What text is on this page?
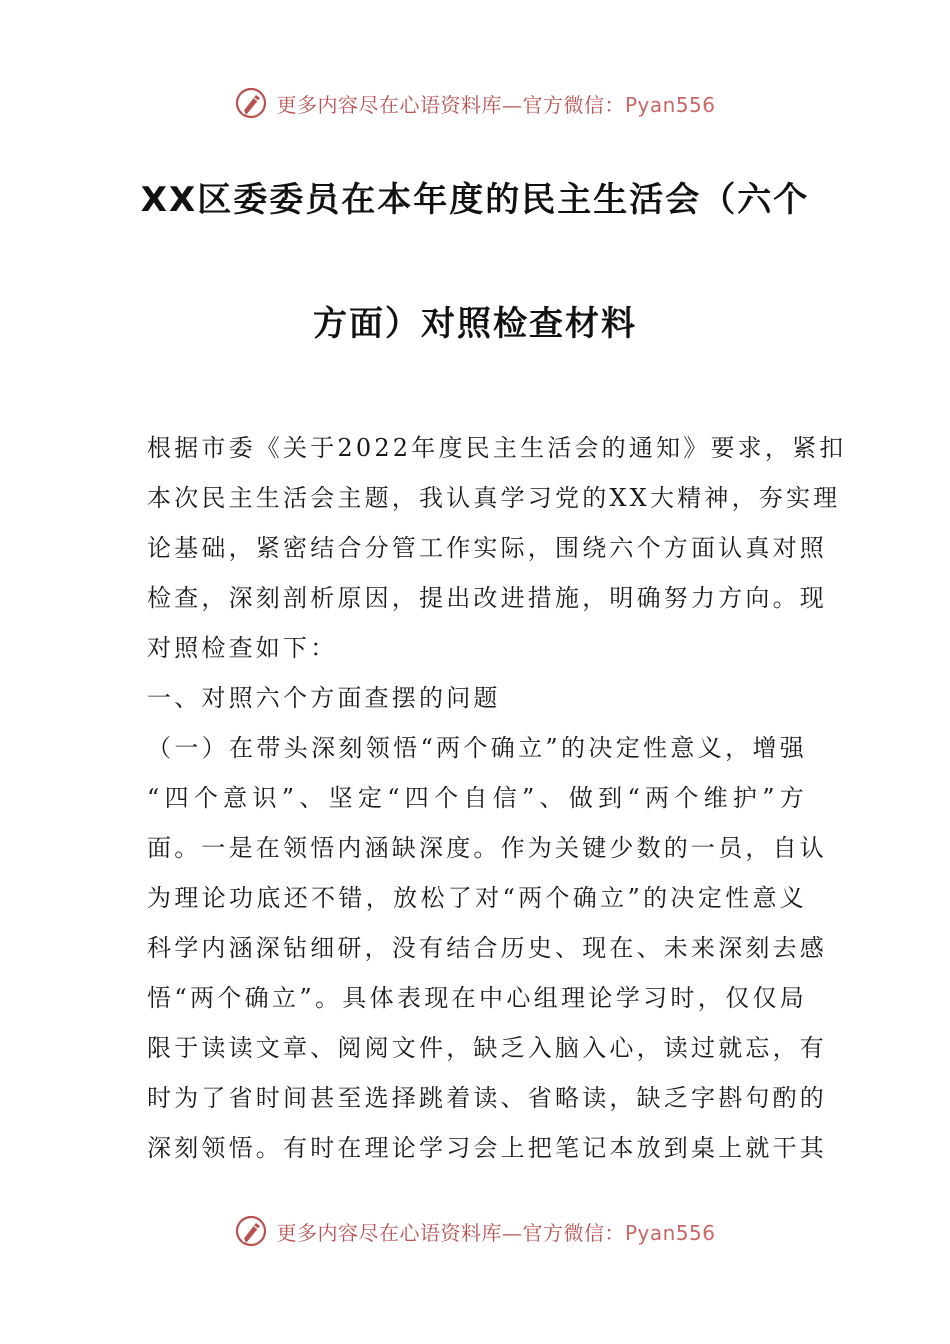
更多内容尽在心语资料库—官方微信：Pyan556
XX区委委员在本年度的民主生活会（六个
方面）对照检查材料
根据市委《关于2022年度民主生活会的通知》要求，紧扣
本次民主生活会主题，我认真学习党的XX大精神，夯实理
论基础，紧密结合分管工作实际，围绕六个方面认真对照
检查，深刻剖析原因，提出改进措施，明确努力方向。现
对照检查如下：
一、对照六个方面查摆的问题
（一）在带头深刻领悟“两个确立”的决定性意义，增强
“四个意识”、坚定“四个自信”、做到“两个维护”方
面。一是在领悟内涵缺深度。作为关键少数的一员，自认
为理论功底还不错，放松了对“两个确立”的决定性意义
科学内涵深钻细研，没有结合历史、现在、未来深刻去感
悟“两个确立”。具体表现在中心组理论学习时，仅仅局
限于读读文章、阅阅文件，缺乏入脑入心，读过就忘，有
时为了省时间甚至选择跳着读、省略读，缺乏字斟句酌的
深刻领悟。有时在理论学习会上把笔记本放到桌上就干其
更多内容尽在心语资料库—官方微信：Pyan556
